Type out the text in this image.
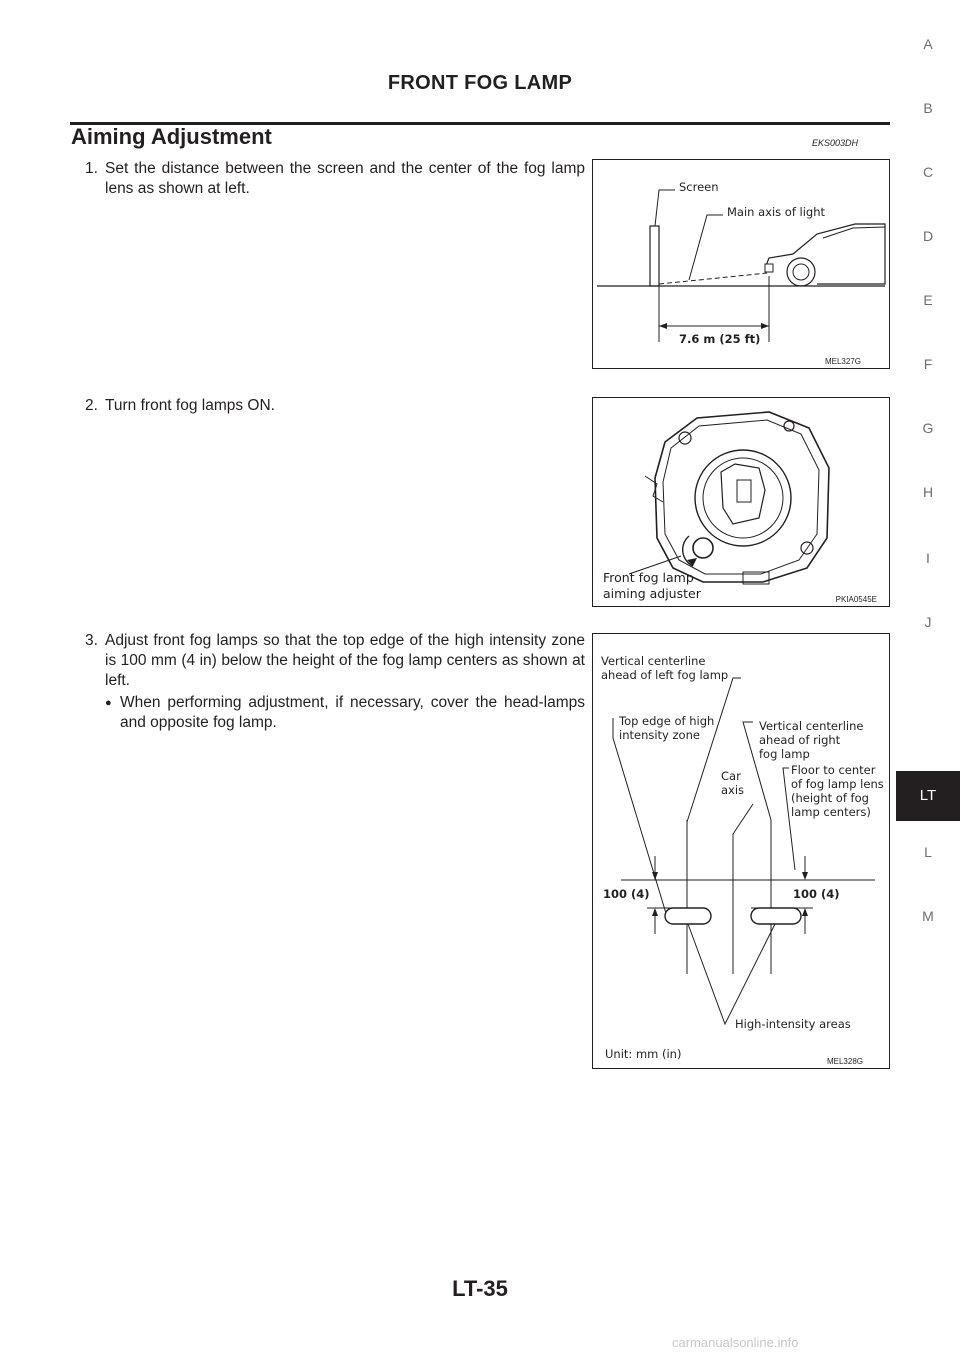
FRONT FOG LAMP
Aiming Adjustment	EKS003DH
1. Set the distance between the screen and the center of the fog lamp lens as shown at left.
2. Turn front fog lamps ON.
3. Adjust front fog lamps so that the top edge of the high intensity zone is 100 mm (4 in) below the height of the fog lamp centers as shown at left.
● When performing adjustment, if necessary, cover the head-lamps and opposite fog lamp.
Screen
Main axis of light
7.6 m (25 ft)
MEL327G
Front fog lamp
aiming adjuster	PKIA0545E
Vertical centerline
ahead of left fog lamp
Top edge of high
intensity zone
Vertical centerline
ahead of right
fog lamp
Car
axis
Floor to center
of fog lamp lens
(height of fog
lamp centers)
100 (4)	100 (4)
High-intensity areas
Unit: mm (in)
MEL328G
A
B
C
D
E
F
G
H
I
J
LT
L
M
LT-35
carmanualsonline.info
